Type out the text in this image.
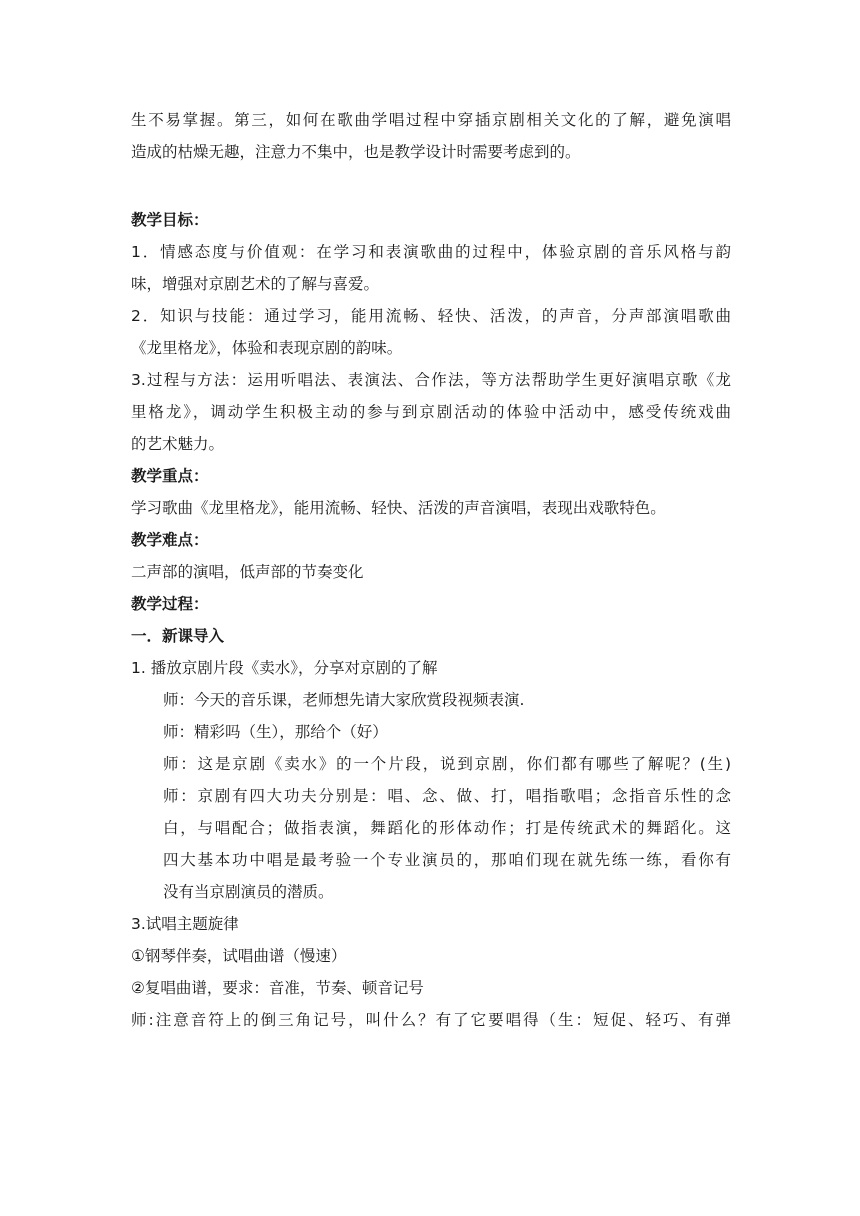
生不易掌握。第三，如何在歌曲学唱过程中穿插京剧相关文化的了解，避免演唱
造成的枯燥无趣，注意力不集中，也是教学设计时需要考虑到的。
教学目标：
1．情感态度与价值观：在学习和表演歌曲的过程中，体验京剧的音乐风格与韵
味，增强对京剧艺术的了解与喜爱。
2．知识与技能：通过学习，能用流畅、轻快、活泼，的声音，分声部演唱歌曲
《龙里格龙》，体验和表现京剧的韵味。
3.过程与方法：运用听唱法、表演法、合作法，等方法帮助学生更好演唱京歌《龙
里格龙》，调动学生积极主动的参与到京剧活动的体验中活动中，感受传统戏曲
的艺术魅力。
教学重点：
学习歌曲《龙里格龙》，能用流畅、轻快、活泼的声音演唱，表现出戏歌特色。
教学难点：
二声部的演唱，低声部的节奏变化
教学过程：
一．新课导入
1. 播放京剧片段《卖水》，分享对京剧的了解
师：今天的音乐课，老师想先请大家欣赏段视频表演.
师：精彩吗（生），那给个（好）
师：这是京剧《卖水》的一个片段，说到京剧，你们都有哪些了解呢？(生)
师：京剧有四大功夫分别是：唱、念、做、打，唱指歌唱；念指音乐性的念
白，与唱配合；做指表演，舞蹈化的形体动作；打是传统武术的舞蹈化。这
四大基本功中唱是最考验一个专业演员的，那咱们现在就先练一练，看你有
没有当京剧演员的潜质。
3.试唱主题旋律
①钢琴伴奏，试唱曲谱（慢速）
②复唱曲谱，要求：音准，节奏、顿音记号
师:注意音符上的倒三角记号，叫什么？有了它要唱得（生：短促、轻巧、有弹
